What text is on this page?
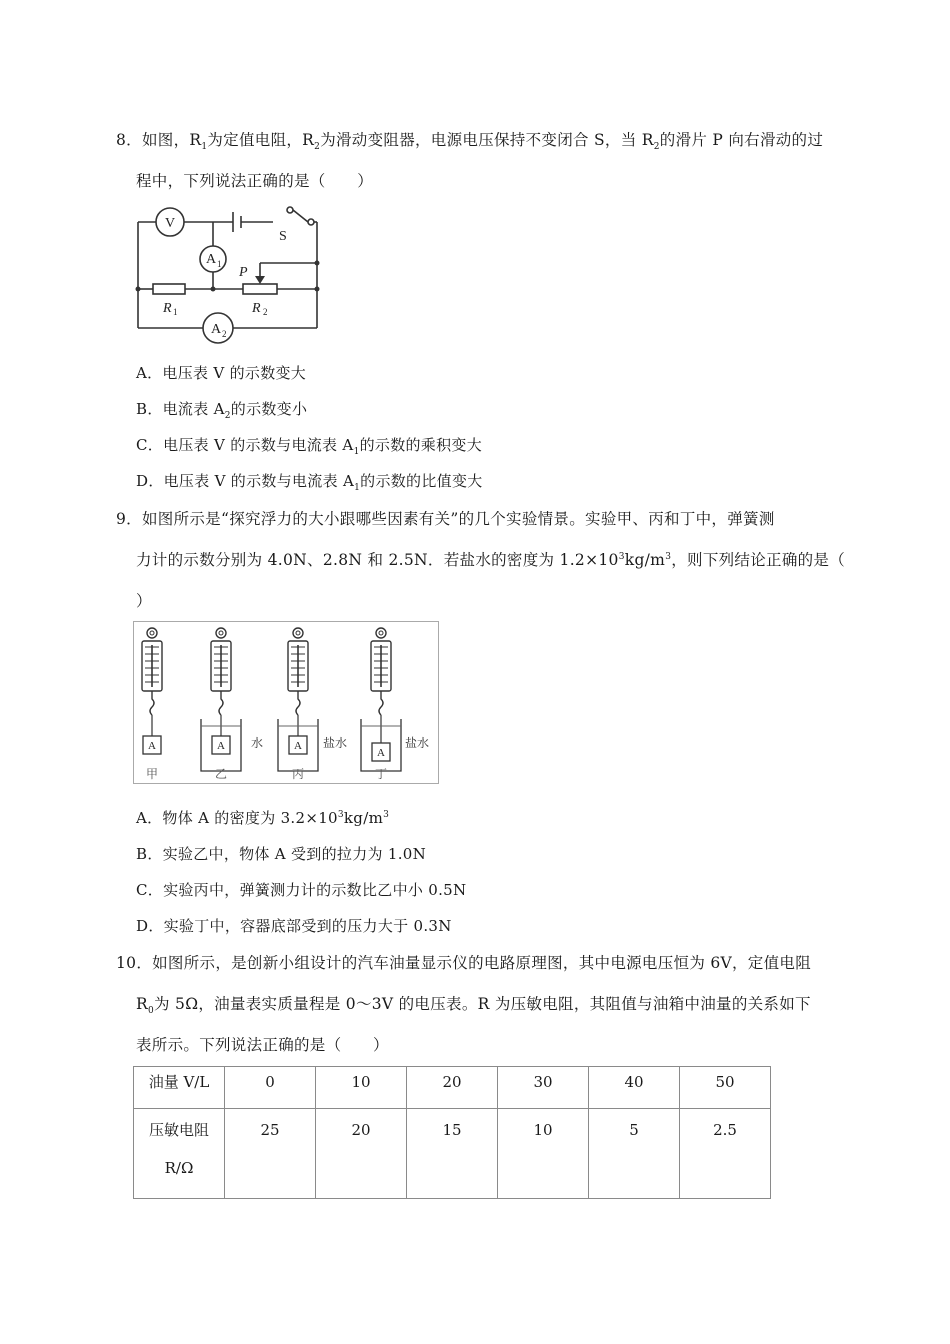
8．如图，$R_1$为定值电阻，$R_2$为滑动变阻器，电源电压保持不变闭合 S，当 $R_2$的滑片 P 向右滑动的过
程中，下列说法正确的是（　　）
V
S
A 1
P
R 1	R 2
A 2
A．电压表 V 的示数变大
B．电流表 $A_2$的示数变小
C．电压表 V 的示数与电流表 $A_1$的示数的乘积变大
D．电压表 V 的示数与电流表 $A_1$的示数的比值变大
9．如图所示是“探究浮力的大小跟哪些因素有关”的几个实验情景。实验甲、丙和丁中，弹簧测
力计的示数分别为 4.0N、2.8N 和 2.5N．若盐水的密度为 $1.2\times 10^3kg/m^3$，则下列结论正确的是（
）
A	A	A
A
水	盐水	盐水
甲	乙	丙	丁
A．物体 A 的密度为 $3.2\times 10^3kg/m^3$
B．实验乙中，物体 A 受到的拉力为 1.0N
C．实验丙中，弹簧测力计的示数比乙中小 0.5N
D．实验丁中，容器底部受到的压力大于 0.3N
10．如图所示，是创新小组设计的汽车油量显示仪的电路原理图，其中电源电压恒为 6V，定值电阻
$R_0$为 5Ω，油量表实质量程是 0～3V 的电压表。R 为压敏电阻，其阻值与油箱中油量的关系如下
表所示。下列说法正确的是（　　）
油量 V/L	0	10	20	30	40	50

压敏电阻
R/Ω	25	20	15	10	5	2.5
